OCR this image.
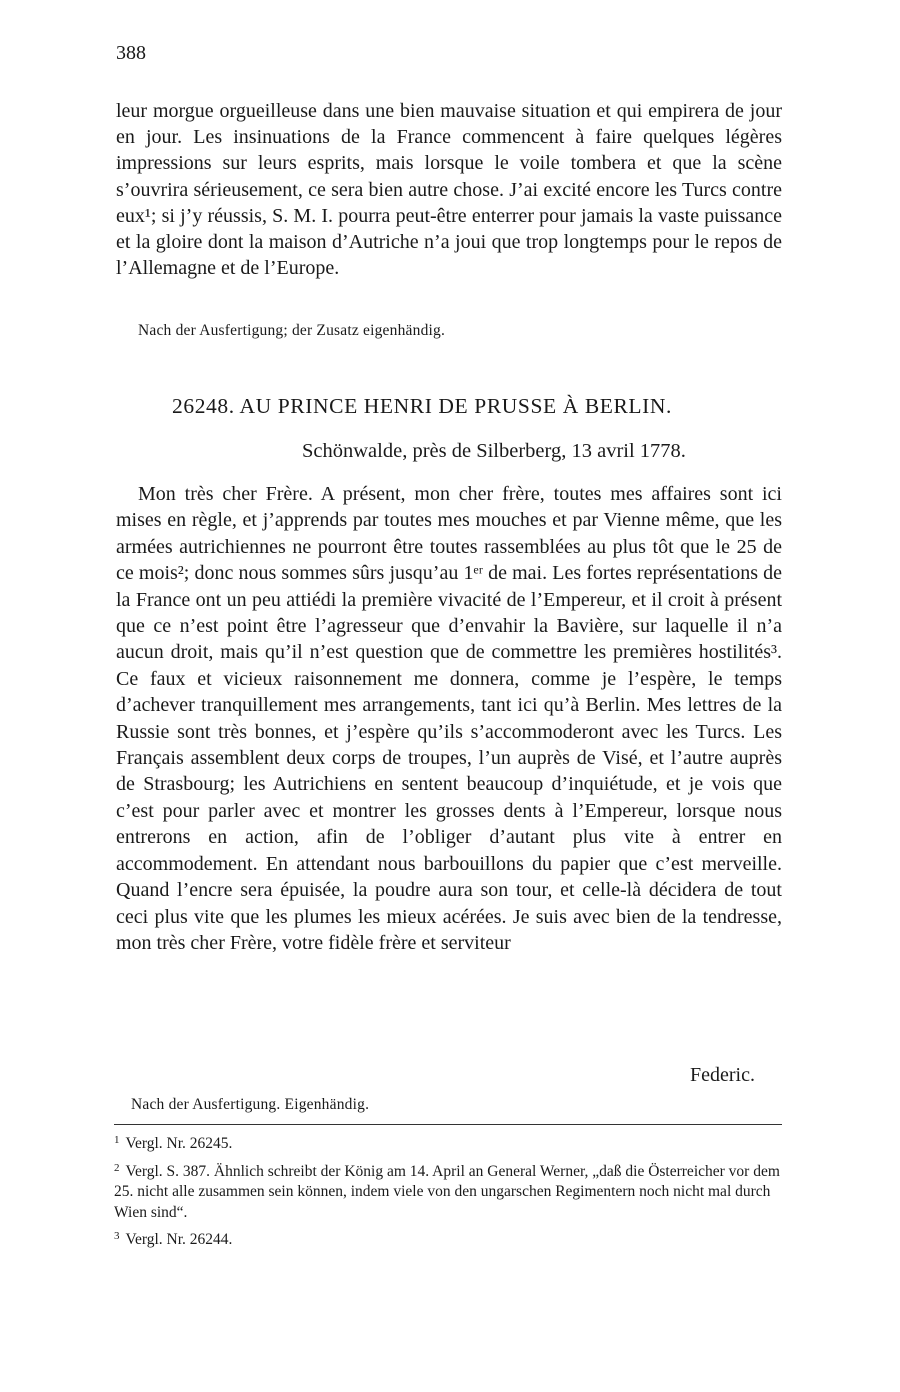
388
leur morgue orgueilleuse dans une bien mauvaise situation et qui empirera de jour en jour. Les insinuations de la France commencent à faire quelques légères impressions sur leurs esprits, mais lorsque le voile tombera et que la scène s’ouvrira sérieusement, ce sera bien autre chose. J’ai excité encore les Turcs contre eux¹; si j’y réussis, S. M. I. pourra peut-être enterrer pour jamais la vaste puissance et la gloire dont la maison d’Autriche n’a joui que trop longtemps pour le repos de l’Allemagne et de l’Europe.
Nach der Ausfertigung; der Zusatz eigenhändig.
26248. AU PRINCE HENRI DE PRUSSE À BERLIN.
Schönwalde, près de Silberberg, 13 avril 1778.
Mon très cher Frère. A présent, mon cher frère, toutes mes affaires sont ici mises en règle, et j’apprends par toutes mes mouches et par Vienne même, que les armées autrichiennes ne pourront être toutes rassemblées au plus tôt que le 25 de ce mois²; donc nous sommes sûrs jusqu’au 1ᵉʳ de mai. Les fortes représentations de la France ont un peu attiédi la première vivacité de l’Empereur, et il croit à présent que ce n’est point être l’agresseur que d’envahir la Bavière, sur laquelle il n’a aucun droit, mais qu’il n’est question que de commettre les premières hostilités³. Ce faux et vicieux raisonnement me donnera, comme je l’espère, le temps d’achever tranquillement mes arrangements, tant ici qu’à Berlin. Mes lettres de la Russie sont très bonnes, et j’espère qu’ils s’accommoderont avec les Turcs. Les Français assemblent deux corps de troupes, l’un auprès de Visé, et l’autre auprès de Strasbourg; les Autrichiens en sentent beaucoup d’inquiétude, et je vois que c’est pour parler avec et montrer les grosses dents à l’Empereur, lorsque nous entrerons en action, afin de l’obliger d’autant plus vite à entrer en accommodement. En attendant nous barbouillons du papier que c’est merveille. Quand l’encre sera épuisée, la poudre aura son tour, et celle-là décidera de tout ceci plus vite que les plumes les mieux acérées. Je suis avec bien de la tendresse, mon très cher Frère, votre fidèle frère et serviteur
Federic.
Nach der Ausfertigung. Eigenhändig.
$^1$ Vergl. Nr. 26245.
$^2$ Vergl. S. 387. Ähnlich schreibt der König am 14. April an General Werner, „daß die Österreicher vor dem 25. nicht alle zusammen sein können, indem viele von den ungarschen Regimentern noch nicht mal durch Wien sind“.
$^3$ Vergl. Nr. 26244.
